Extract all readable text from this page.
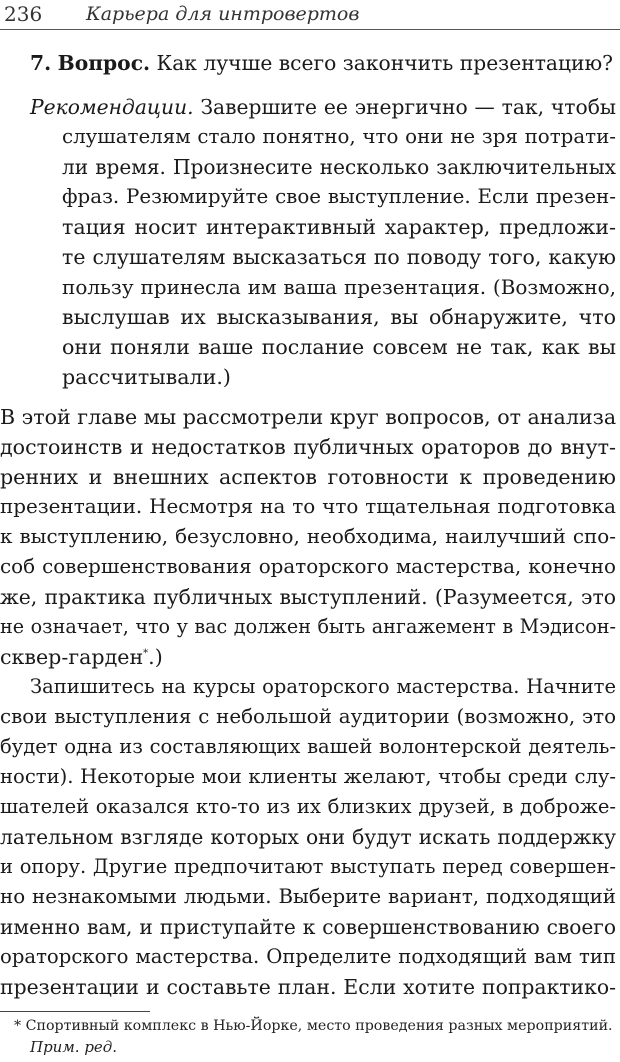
236 Карьера для интровертов
7. Вопрос. Как лучше всего закончить презентацию?
Рекомендации. Завершите ее энергично — так, чтобы
слушателям стало понятно, что они не зря потрати-
ли время. Произнесите несколько заключительных
фраз. Резюмируйте свое выступление. Если презен-
тация носит интерактивный характер, предложи-
те слушателям высказаться по поводу того, какую
пользу принесла им ваша презентация. (Возможно,
выслушав их высказывания, вы обнаружите, что
они поняли ваше послание совсем не так, как вы
рассчитывали.)
В этой главе мы рассмотрели круг вопросов, от анализа
достоинств и недостатков публичных ораторов до внут-
ренних и внешних аспектов готовности к проведению
презентации. Несмотря на то что тщательная подготовка
к выступлению, безусловно, необходима, наилучший спо-
соб совершенствования ораторского мастерства, конечно
же, практика публичных выступлений. (Разумеется, это
не означает, что у вас должен быть ангажемент в Мэдисон-
сквер-гарден*.)
Запишитесь на курсы ораторского мастерства. Начните
свои выступления с небольшой аудитории (возможно, это
будет одна из составляющих вашей волонтерской деятель-
ности). Некоторые мои клиенты желают, чтобы среди слу-
шателей оказался кто-то из их близких друзей, в доброже-
лательном взгляде которых они будут искать поддержку
и опору. Другие предпочитают выступать перед совершен-
но незнакомыми людьми. Выберите вариант, подходящий
именно вам, и приступайте к совершенствованию своего
ораторского мастерства. Определите подходящий вам тип
презентации и составьте план. Если хотите попрактико-
* Спортивный комплекс в Нью-Йорке, место проведения разных мероприятий.
Прим. ред.
